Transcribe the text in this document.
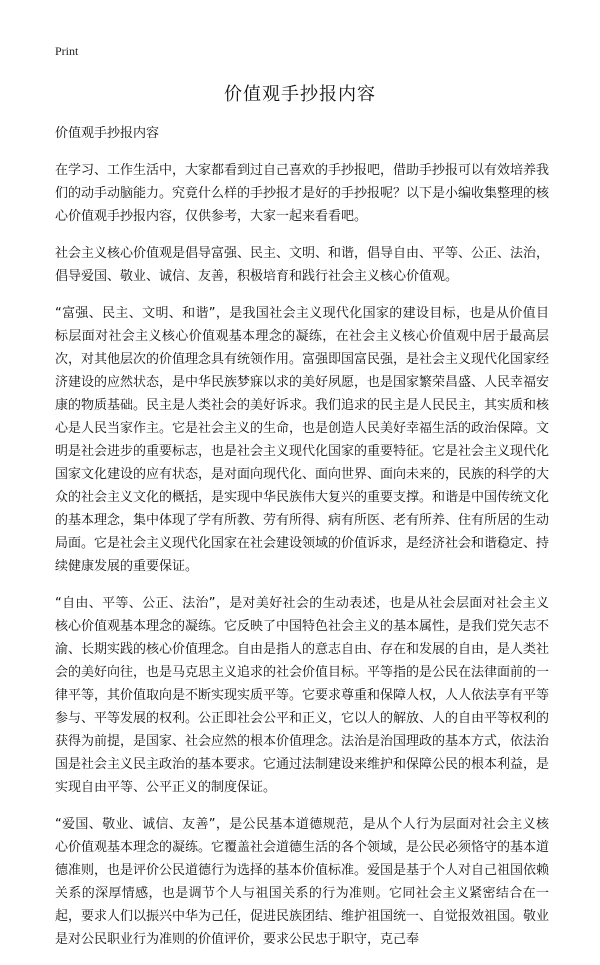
Print
价值观手抄报内容

价值观手抄报内容

在学习、工作生活中，大家都看到过自己喜欢的手抄报吧，借助手抄报可以有效培养我们的动手动脑能力。究竟什么样的手抄报才是好的手抄报呢？以下是小编收集整理的核心价值观手抄报内容，仅供参考，大家一起来看看吧。

社会主义核心价值观是倡导富强、民主、文明、和谐，倡导自由、平等、公正、法治，倡导爱国、敬业、诚信、友善，积极培育和践行社会主义核心价值观。

“富强、民主、文明、和谐”，是我国社会主义现代化国家的建设目标，也是从价值目标层面对社会主义核心价值观基本理念的凝练，在社会主义核心价值观中居于最高层次，对其他层次的价值理念具有统领作用。富强即国富民强，是社会主义现代化国家经济建设的应然状态，是中华民族梦寐以求的美好夙愿，也是国家繁荣昌盛、人民幸福安康的物质基础。民主是人类社会的美好诉求。我们追求的民主是人民民主，其实质和核心是人民当家作主。它是社会主义的生命，也是创造人民美好幸福生活的政治保障。文明是社会进步的重要标志，也是社会主义现代化国家的重要特征。它是社会主义现代化国家文化建设的应有状态，是对面向现代化、面向世界、面向未来的，民族的科学的大众的社会主义文化的概括，是实现中华民族伟大复兴的重要支撑。和谐是中国传统文化的基本理念，集中体现了学有所教、劳有所得、病有所医、老有所养、住有所居的生动局面。它是社会主义现代化国家在社会建设领域的价值诉求，是经济社会和谐稳定、持续健康发展的重要保证。

“自由、平等、公正、法治”，是对美好社会的生动表述，也是从社会层面对社会主义核心价值观基本理念的凝练。它反映了中国特色社会主义的基本属性，是我们党矢志不渝、长期实践的核心价值理念。自由是指人的意志自由、存在和发展的自由，是人类社会的美好向往，也是马克思主义追求的社会价值目标。平等指的是公民在法律面前的一律平等，其价值取向是不断实现实质平等。它要求尊重和保障人权，人人依法享有平等参与、平等发展的权利。公正即社会公平和正义，它以人的解放、人的自由平等权利的获得为前提，是国家、社会应然的根本价值理念。法治是治国理政的基本方式，依法治国是社会主义民主政治的基本要求。它通过法制建设来维护和保障公民的根本利益，是实现自由平等、公平正义的制度保证。

“爱国、敬业、诚信、友善”，是公民基本道德规范，是从个人行为层面对社会主义核心价值观基本理念的凝练。它覆盖社会道德生活的各个领域，是公民必须恪守的基本道德准则，也是评价公民道德行为选择的基本价值标准。爱国是基于个人对自己祖国依赖关系的深厚情感，也是调节个人与祖国关系的行为准则。它同社会主义紧密结合在一起，要求人们以振兴中华为己任，促进民族团结、维护祖国统一、自觉报效祖国。敬业是对公民职业行为准则的价值评价，要求公民忠于职守，克己奉
